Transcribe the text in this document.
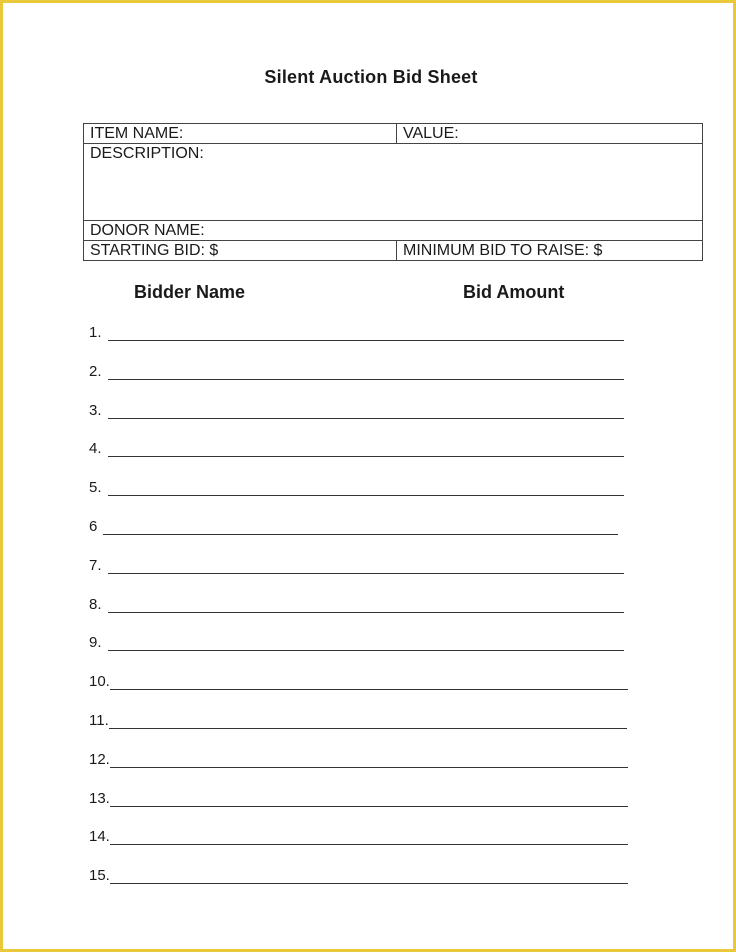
Silent Auction Bid Sheet
ITEM NAME:	VALUE:
DESCRIPTION:	
DONOR NAME:	
STARTING BID: $	MINIMUM BID TO RAISE: $
Bidder Name	Bid Amount
1.
2.
3.
4.
5.
6
7.
8.
9.
10.
11.
12.
13.
14.
15.
